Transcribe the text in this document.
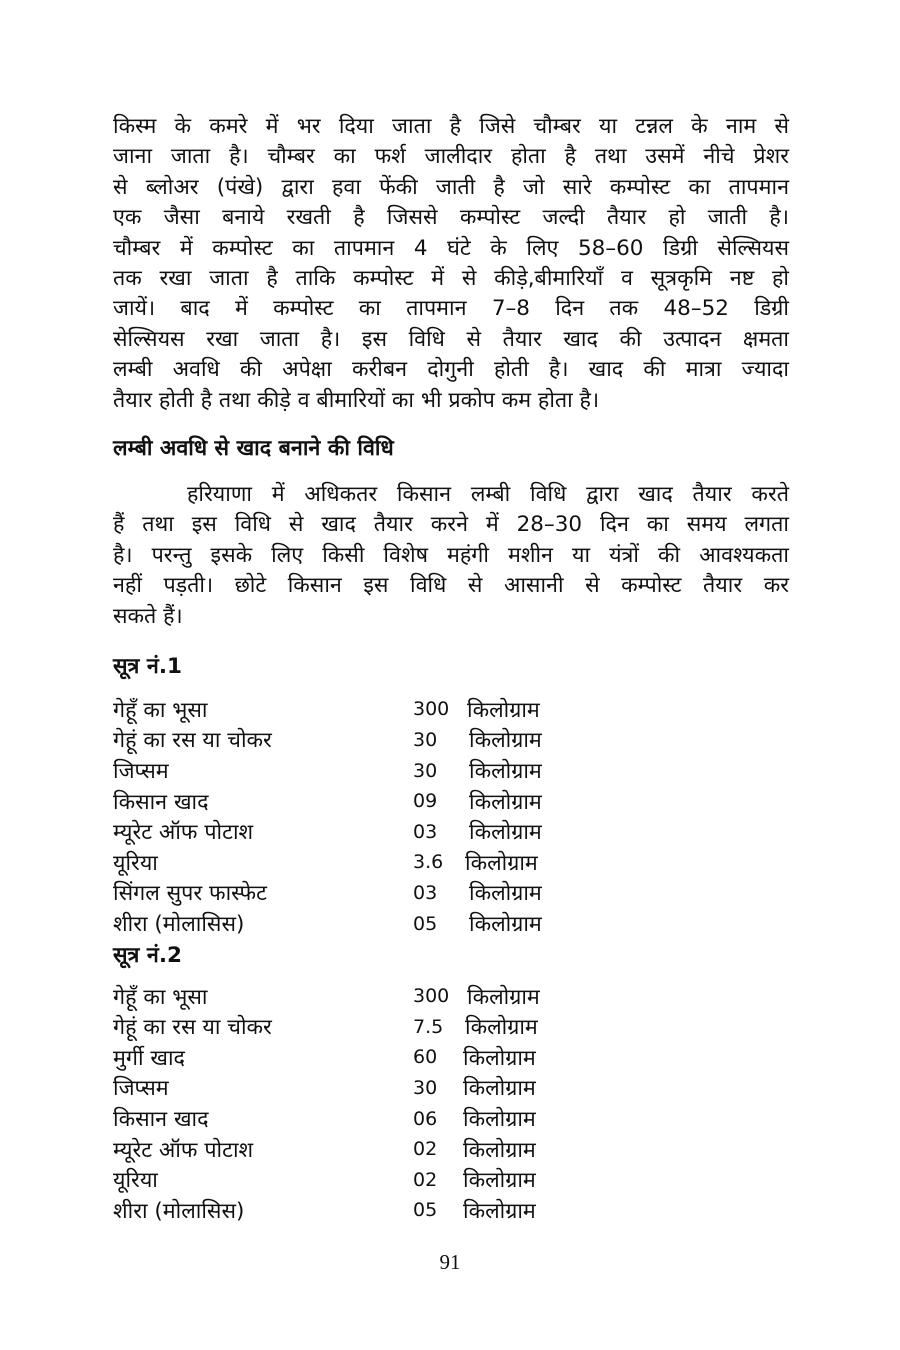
किस्म के कमरे में भर दिया जाता है जिसे चौम्बर या टन्नल के नाम से
जाना जाता है। चौम्बर का फर्श जालीदार होता है तथा उसमें नीचे प्रेशर
से ब्लोअर (पंखे) द्वारा हवा फेंकी जाती है जो सारे कम्पोस्ट का तापमान
एक जैसा बनाये रखती है जिससे कम्पोस्ट जल्दी तैयार हो जाती है।
चौम्बर में कम्पोस्ट का तापमान 4 घंटे के लिए 58–60 डिग्री सेल्सियस
तक रखा जाता है ताकि कम्पोस्ट में से कीड़े,बीमारियाँ व सूत्रकृमि नष्ट हो
जायें। बाद में कम्पोस्ट का तापमान 7–8 दिन तक 48–52 डिग्री
सेल्सियस रखा जाता है। इस विधि से तैयार खाद की उत्पादन क्षमता
लम्बी अवधि की अपेक्षा करीबन दोगुनी होती है। खाद की मात्रा ज्यादा
तैयार होती है तथा कीड़े व बीमारियों का भी प्रकोप कम होता है।

लम्बी अवधि से खाद बनाने की विधि

हरियाणा में अधिकतर किसान लम्बी विधि द्वारा खाद तैयार करते
हैं तथा इस विधि से खाद तैयार करने में 28–30 दिन का समय लगता
है। परन्तु इसके लिए किसी विशेष महंगी मशीन या यंत्रों की आवश्यकता
नहीं पड़ती। छोटे किसान इस विधि से आसानी से कम्पोस्ट तैयार कर
सकते हैं।

सूत्र नं.1
गेहूँ का भूसा	300	किलोग्राम
गेहूं का रस या चोकर	30	किलोग्राम
जिप्सम	30	किलोग्राम
किसान खाद	09	किलोग्राम
म्यूरेट ऑफ पोटाश	03	किलोग्राम
यूरिया	3.6	किलोग्राम
सिंगल सुपर फास्फेट	03	किलोग्राम
शीरा (मोलासिस)	05	किलोग्राम
सूत्र नं.2
गेहूँ का भूसा	300	किलोग्राम
गेहूं का रस या चोकर	7.5	किलोग्राम
मुर्गी खाद	60	किलोग्राम
जिप्सम	30	किलोग्राम
किसान खाद	06	किलोग्राम
म्यूरेट ऑफ पोटाश	02	किलोग्राम
यूरिया	02	किलोग्राम
शीरा (मोलासिस)	05	किलोग्राम
91
